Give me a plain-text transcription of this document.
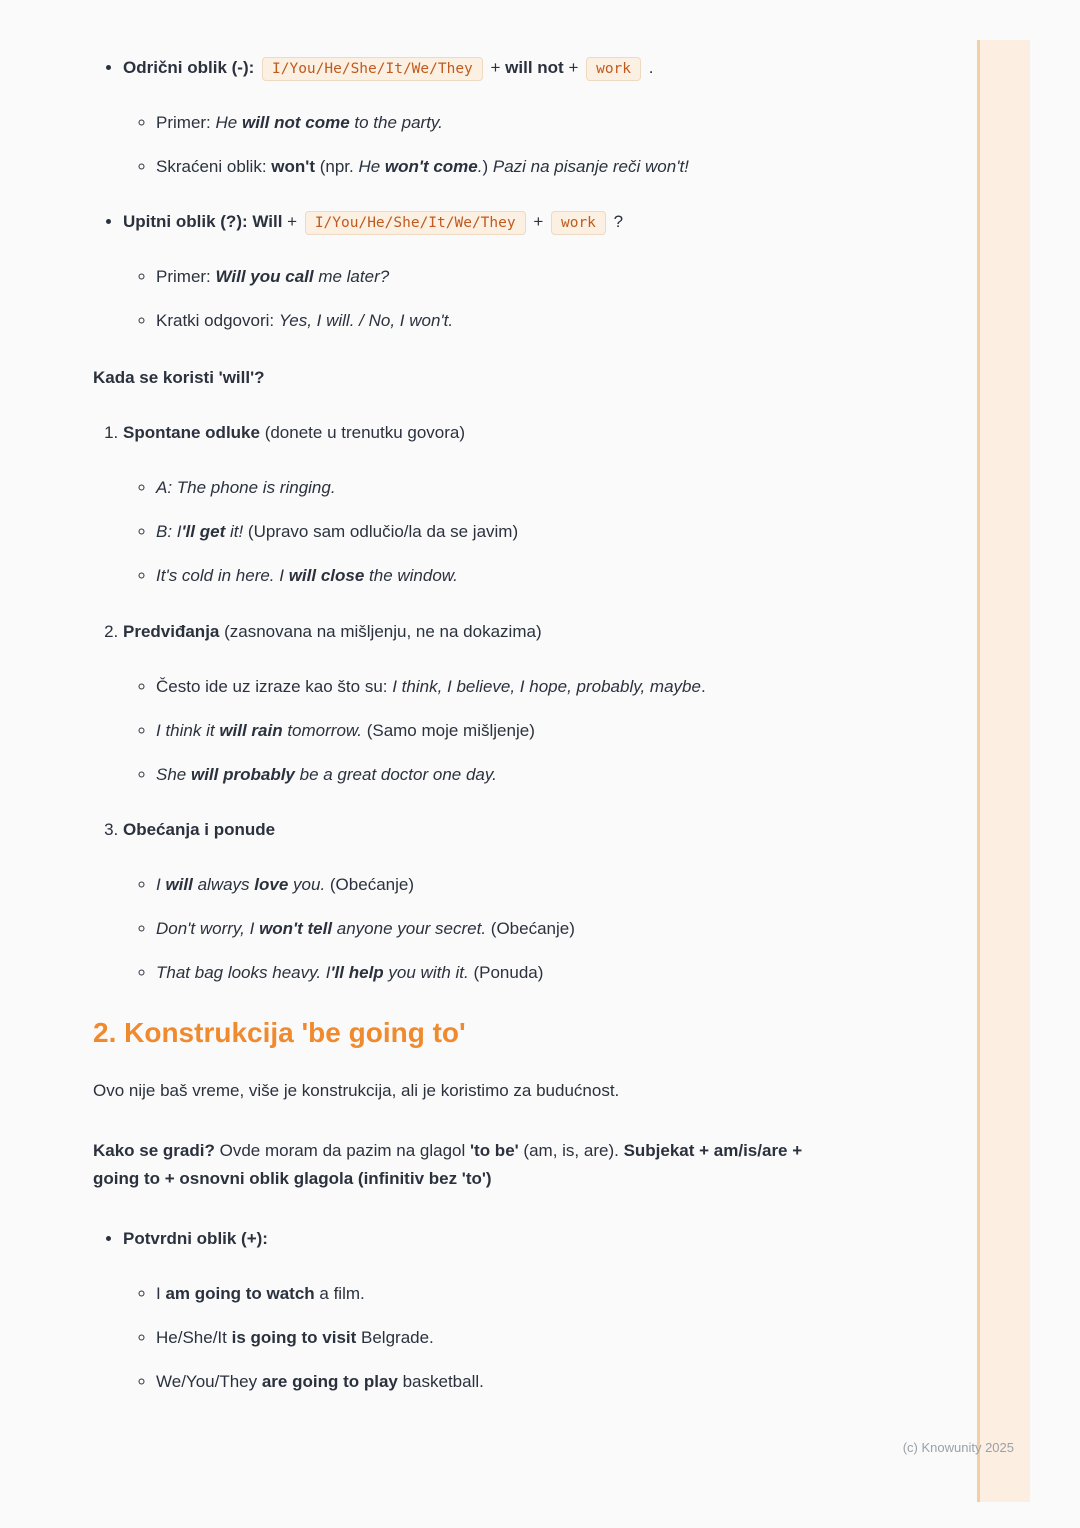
• Odrični oblik (-): I/You/He/She/It/We/They + will not + work .
◦ Primer: He will not come to the party.
◦ Skraćeni oblik: won't (npr. He won't come.) Pazi na pisanje reči won't!
• Upitni oblik (?): Will + I/You/He/She/It/We/They + work ?
◦ Primer: Will you call me later?
◦ Kratki odgovori: Yes, I will. / No, I won't.

Kada se koristi 'will'?

1. Spontane odluke (donete u trenutku govora)
◦ A: The phone is ringing.
◦ B: I'll get it! (Upravo sam odlučio/la da se javim)
◦ It's cold in here. I will close the window.
2. Predviđanja (zasnovana na mišljenju, ne na dokazima)
◦ Često ide uz izraze kao što su: I think, I believe, I hope, probably, maybe.
◦ I think it will rain tomorrow. (Samo moje mišljenje)
◦ She will probably be a great doctor one day.
3. Obećanja i ponude
◦ I will always love you. (Obećanje)
◦ Don't worry, I won't tell anyone your secret. (Obećanje)
◦ That bag looks heavy. I'll help you with it. (Ponuda)
2. Konstrukcija 'be going to'

Ovo nije baš vreme, više je konstrukcija, ali je koristimo za budućnost.

Kako se gradi? Ovde moram da pazim na glagol 'to be' (am, is, are). Subjekat + am/is/are + going to + osnovni oblik glagola (infinitiv bez 'to')

• Potvrdni oblik (+):
◦ I am going to watch a film.
◦ He/She/It is going to visit Belgrade.
◦ We/You/They are going to play basketball.
(c) Knowunity 2025
